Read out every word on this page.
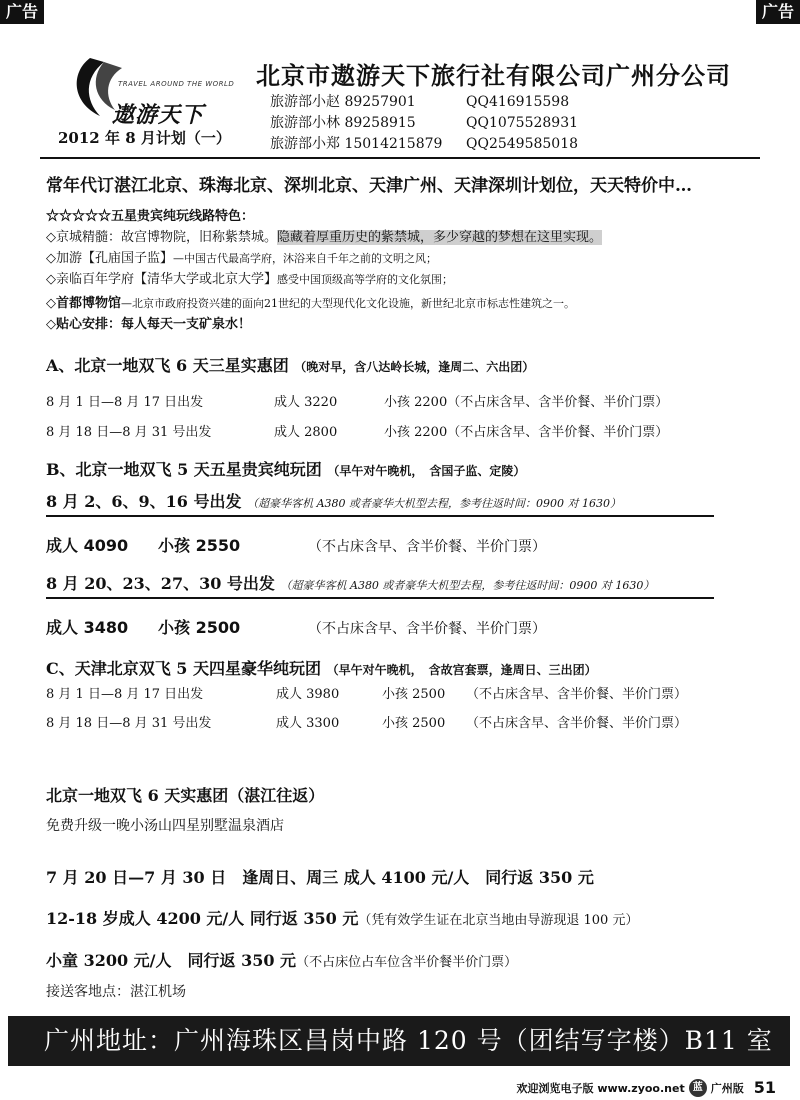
广告	广告
TRAVEL AROUND THE WORLD
遨游天下
2012 年 8 月计划（一）
北京市遨游天下旅行社有限公司广州分公司
旅游部小赵 89257901	QQ416915598
旅游部小林 89258915	QQ1075528931
旅游部小郑 15014215879	QQ2549585018
常年代订湛江北京、珠海北京、深圳北京、天津广州、天津深圳计划位，天天特价中…
☆☆☆☆☆五星贵宾纯玩线路特色：
◇京城精髓：故宫博物院，旧称紫禁城。隐藏着厚重历史的紫禁城，多少穿越的梦想在这里实现。
◇加游【孔庙国子监】—中国古代最高学府，沐浴来自千年之前的文明之风；
◇亲临百年学府【清华大学或北京大学】感受中国顶级高等学府的文化氛围；
◇首都博物馆—北京市政府投资兴建的面向21世纪的大型现代化文化设施，新世纪北京市标志性建筑之一。
◇贴心安排：每人每天一支矿泉水！
A、北京一地双飞 6 天三星实惠团 （晚对早，含八达岭长城，逢周二、六出团）
8 月 1 日—8 月 17 日出发	成人 3220	小孩 2200 （不占床含早、含半价餐、半价门票）
8 月 18 日—8 月 31 号出发	成人 2800	小孩 2200 （不占床含早、含半价餐、半价门票）
B、北京一地双飞 5 天五星贵宾纯玩团 （早午对午晚机，　含国子监、定陵）
8 月 2、6、9、16 号出发 （超豪华客机 A380 或者豪华大机型去程，参考往返时间：0900 对 1630）
成人 4090	小孩 2550	（不占床含早、含半价餐、半价门票）
8 月 20、23、27、30 号出发 （超豪华客机 A380 或者豪华大机型去程，参考往返时间：0900 对 1630）
成人 3480	小孩 2500	（不占床含早、含半价餐、半价门票）
C、天津北京双飞 5 天四星豪华纯玩团 （早午对午晚机，　含故宫套票，逢周日、三出团）
8 月 1 日—8 月 17 日出发	成人 3980	小孩 2500	（不占床含早、含半价餐、半价门票）
8 月 18 日—8 月 31 号出发	成人 3300	小孩 2500	（不占床含早、含半价餐、半价门票）
北京一地双飞 6 天实惠团（湛江往返）
免费升级一晚小汤山四星别墅温泉酒店
7 月 20 日—7 月 30 日　逢周日、周三 成人 4100 元/人　同行返 350 元
12-18 岁成人 4200 元/人 同行返 350 元（凭有效学生证在北京当地由导游现退 100 元）
小童 3200 元/人　同行返 350 元（不占床位占车位含半价餐半价门票）
接送客地点：湛江机场
广州地址：广州海珠区昌岗中路 120 号（团结写字楼）B11 室
欢迎浏览电子版 www.zyoo.net 蓝 广州版 51
